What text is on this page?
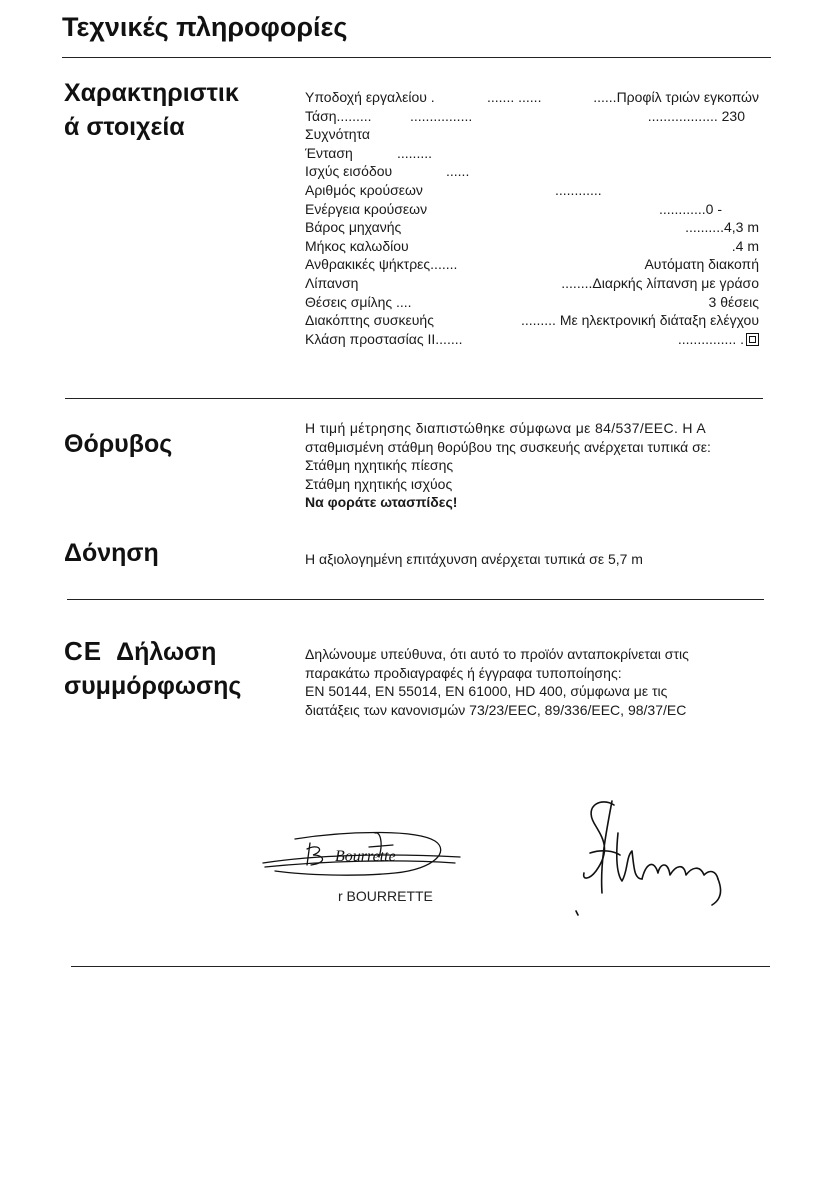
Τεχνικές πληροφορίες
Χαρακτηριστικ
ά στοιχεία
Υποδοχή εργαλείου .	....... ......	......Προφίλ τριών εγκοπών
Τάση.........	................	.................. 230
Συχνότητα
Ένταση	.........
Ισχύς εισόδου	......
Αριθμός κρούσεων	............
Ενέργεια κρούσεων	............0 -
Βάρος μηχανής	..........4,3 m
Μήκος καλωδίου	.4 m
Ανθρακικές ψήκτρες.......	Αυτόματη διακοπή
Λίπανση	........Διαρκής λίπανση με γράσο
Θέσεις σμίλης ....	3 θέσεις
Διακόπτης συσκευής	......... Με ηλεκτρονική διάταξη ελέγχου
Κλάση προστασίας II.......	............... .
Θόρυβος
Η τιμή μέτρησης διαπιστώθηκε σύμφωνα με 84/537/EEC. Η Α
σταθμισμένη στάθμη θορύβου της συσκευής ανέρχεται τυπικά σε:
Στάθμη ηχητικής πίεσης
Στάθμη ηχητικής ισχύος
Να φοράτε ωτασπίδες!
Δόνηση	Η αξιολογημένη επιτάχυνση ανέρχεται τυπικά σε 5,7 m
CE Δήλωση
συμμόρφωσης
Δηλώνουμε υπεύθυνα, ότι αυτό το προϊόν ανταποκρίνεται στις
παρακάτω προδιαγραφές ή έγγραφα τυποποίησης:
EN 50144, EN 55014, EN 61000, HD 400, σύμφωνα με τις
διατάξεις των κανονισμών 73/23/EEC, 89/336/EEC, 98/37/EC
Bourrette
r BOURRETTE
